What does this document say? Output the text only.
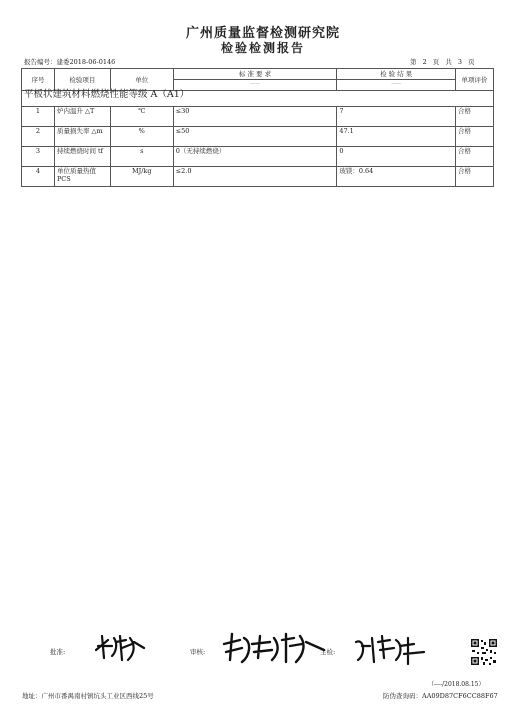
广州质量监督检测研究院
检验检测报告
报告编号：建委2018-06-0146	第 2 页 共 3 页
序号	检验项目	单位	标 准 要 求	检 验 结 果	单项评价
			——	——	
平板状建筑材料燃烧性能等级 A（A1）					
1	炉内温升 △T	℃	≤30	7	合格
2	质量损失率 △m	%	≤50	47.1	合格
3	持续燃烧时间 tf	s	0（无持续燃烧）	0	合格
4	单位质量热值 PCS	MJ/kg	≤2.0	玻镁：0.64	合格
批准:	审核:	主检:
（----/2018.08.15）
地址：广州市番禺南村镇坑头工业区西线25号	防伪查询码：AA09D87CF6CC88F67
